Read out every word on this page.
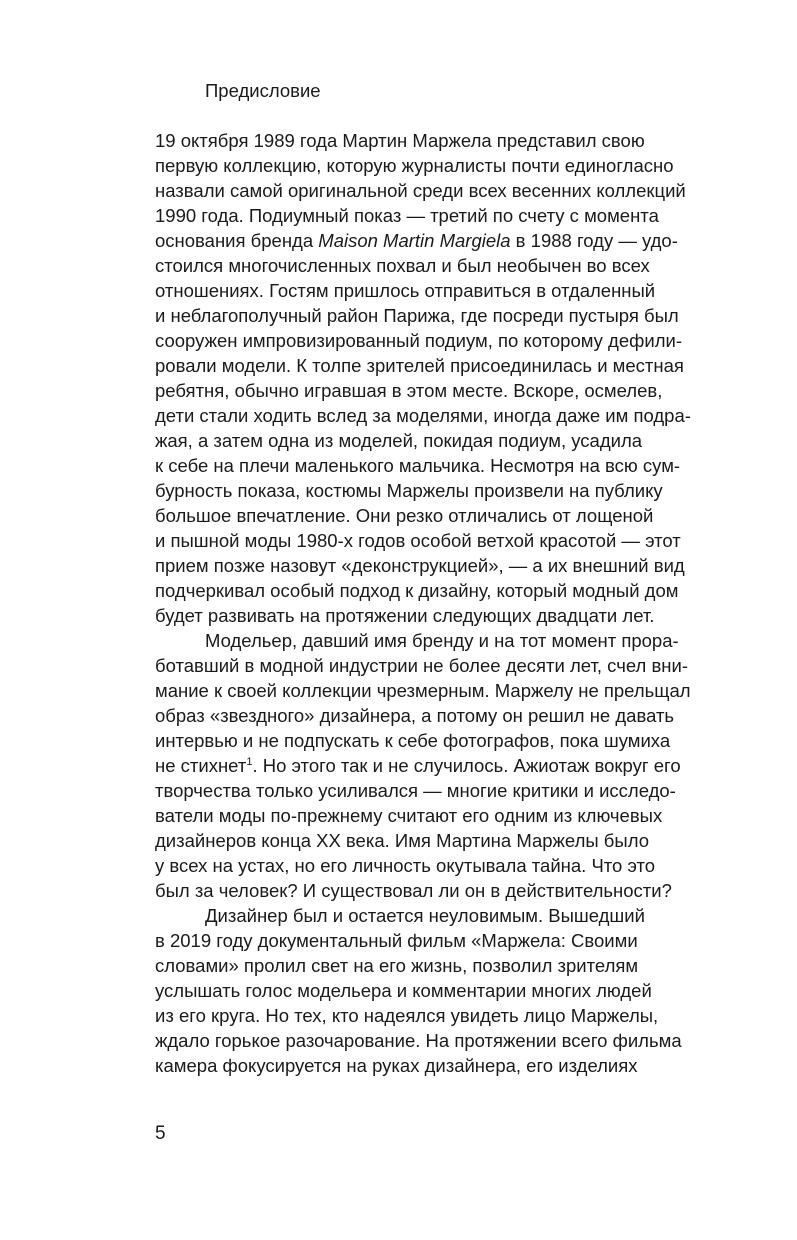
Предисловие
19 октября 1989 года Мартин Маржела представил свою
первую коллекцию, которую журналисты почти единогласно
назвали самой оригинальной среди всех весенних коллекций
1990 года. Подиумный показ — третий по счету с момента
основания бренда Maison Martin Margiela в 1988 году — удо-
стоился многочисленных похвал и был необычен во всех
отношениях. Гостям пришлось отправиться в отдаленный
и неблагополучный район Парижа, где посреди пустыря был
сооружен импровизированный подиум, по которому дефили-
ровали модели. К толпе зрителей присоединилась и местная
ребятня, обычно игравшая в этом месте. Вскоре, осмелев,
дети стали ходить вслед за моделями, иногда даже им подра-
жая, а затем одна из моделей, покидая подиум, усадила
к себе на плечи маленького мальчика. Несмотря на всю сум-
бурность показа, костюмы Маржелы произвели на публику
большое впечатление. Они резко отличались от лощеной
и пышной моды 1980-х годов особой ветхой красотой — этот
прием позже назовут «деконструкцией», — а их внешний вид
подчеркивал особый подход к дизайну, который модный дом
будет развивать на протяжении следующих двадцати лет.
Модельер, давший имя бренду и на тот момент прора-
ботавший в модной индустрии не более десяти лет, счел вни-
мание к своей коллекции чрезмерным. Маржелу не прельщал
образ «звездного» дизайнера, а потому он решил не давать
интервью и не подпускать к себе фотографов, пока шумиха
не стихнет$^1$. Но этого так и не случилось. Ажиотаж вокруг его
творчества только усиливался — многие критики и исследо-
ватели моды по-прежнему считают его одним из ключевых
дизайнеров конца XX века. Имя Мартина Маржелы было
у всех на устах, но его личность окутывала тайна. Что это
был за человек? И существовал ли он в действительности?
Дизайнер был и остается неуловимым. Вышедший
в 2019 году документальный фильм «Маржела: Своими
словами» пролил свет на его жизнь, позволил зрителям
услышать голос модельера и комментарии многих людей
из его круга. Но тех, кто надеялся увидеть лицо Маржелы,
ждало горькое разочарование. На протяжении всего фильма
камера фокусируется на руках дизайнера, его изделиях
5
